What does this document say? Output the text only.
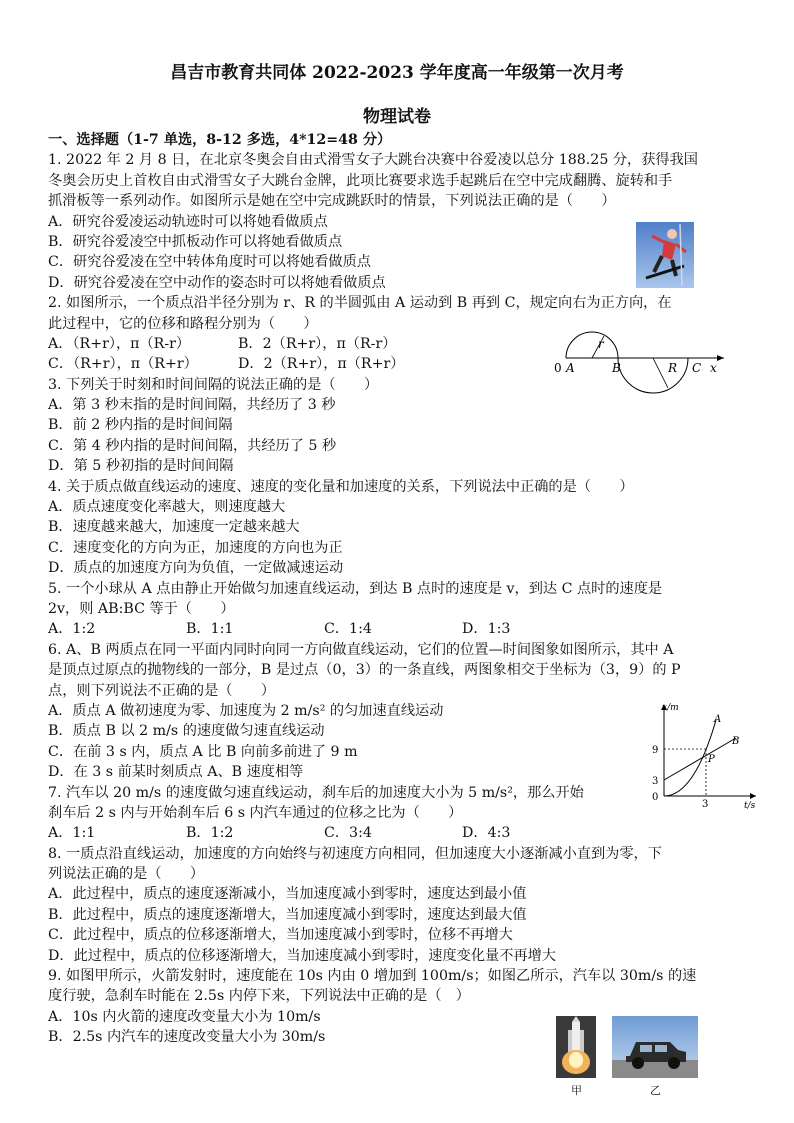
昌吉市教育共同体 2022-2023 学年度高一年级第一次月考
物理试卷
一、选择题（1-7 单选，8-12 多选，4*12=48 分）
1. 2022 年 2 月 8 日，在北京冬奥会自由式滑雪女子大跳台决赛中谷爱凌以总分 188.25 分，获得我国
冬奥会历史上首枚自由式滑雪女子大跳台金牌，此项比赛要求选手起跳后在空中完成翻腾、旋转和手
抓滑板等一系列动作。如图所示是她在空中完成跳跃时的情景，下列说法正确的是（　　）
A．研究谷爱凌运动轨迹时可以将她看做质点
B．研究谷爱凌空中抓板动作可以将她看做质点
C．研究谷爱凌在空中转体角度时可以将她看做质点
D．研究谷爱凌在空中动作的姿态时可以将她看做质点
2. 如图所示，一个质点沿半径分别为 r、R 的半圆弧由 A 运动到 B 再到 C，规定向右为正方向，在
此过程中，它的位移和路程分别为（　　）
A．（R+r），π（R-r）	B．2（R+r），π（R-r）
C．（R+r），π（R+r）	D．2（R+r），π（R+r）
3. 下列关于时刻和时间间隔的说法正确的是（　　）
A．第 3 秒末指的是时间间隔，共经历了 3 秒
B．前 2 秒内指的是时间间隔
C．第 4 秒内指的是时间间隔，共经历了 5 秒
D．第 5 秒初指的是时间间隔
4. 关于质点做直线运动的速度、速度的变化量和加速度的关系，下列说法中正确的是（　　）
A．质点速度变化率越大，则速度越大
B．速度越来越大，加速度一定越来越大
C．速度变化的方向为正，加速度的方向也为正
D．质点的加速度方向为负值，一定做减速运动
5. 一个小球从 A 点由静止开始做匀加速直线运动，到达 B 点时的速度是 v，到达 C 点时的速度是
2v，则 AB:BC 等于（　　）
A．1:2	B．1:1	C．1:4	D．1:3
6. A、B 两质点在同一平面内同时向同一方向做直线运动，它们的位置—时间图象如图所示，其中 A
是顶点过原点的抛物线的一部分，B 是过点（0，3）的一条直线，两图象相交于坐标为（3，9）的 P
点，则下列说法不正确的是（　　）
A．质点 A 做初速度为零、加速度为 2 m/s² 的匀加速直线运动
B．质点 B 以 2 m/s 的速度做匀速直线运动
C．在前 3 s 内，质点 A 比 B 向前多前进了 9 m
D．在 3 s 前某时刻质点 A、B 速度相等
7. 汽车以 20 m/s 的速度做匀速直线运动，刹车后的加速度大小为 5 m/s²，那么开始
刹车后 2 s 内与开始刹车后 6 s 内汽车通过的位移之比为（　　）
A．1:1	B．1:2	C．3:4	D．4:3
8. 一质点沿直线运动，加速度的方向始终与初速度方向相同，但加速度大小逐渐减小直到为零，下
列说法正确的是（　　）
A．此过程中，质点的速度逐渐减小，当加速度减小到零时，速度达到最小值
B．此过程中，质点的速度逐渐增大，当加速度减小到零时，速度达到最大值
C．此过程中，质点的位移逐渐增大，当加速度减小到零时，位移不再增大
D．此过程中，质点的位移逐渐增大，当加速度减小到零时，速度变化量不再增大
9. 如图甲所示，火箭发射时，速度能在 10s 内由 0 增加到 100m/s；如图乙所示，汽车以 30m/s 的速
度行驶，急刹车时能在 2.5s 内停下来，下列说法中正确的是（　）
A．10s 内火箭的速度改变量大小为 10m/s
B．2.5s 内汽车的速度改变量大小为 30m/s
0 A	B	C x
r
R
x/m
t/s
9
3
3
0
A
B
P
甲	乙
